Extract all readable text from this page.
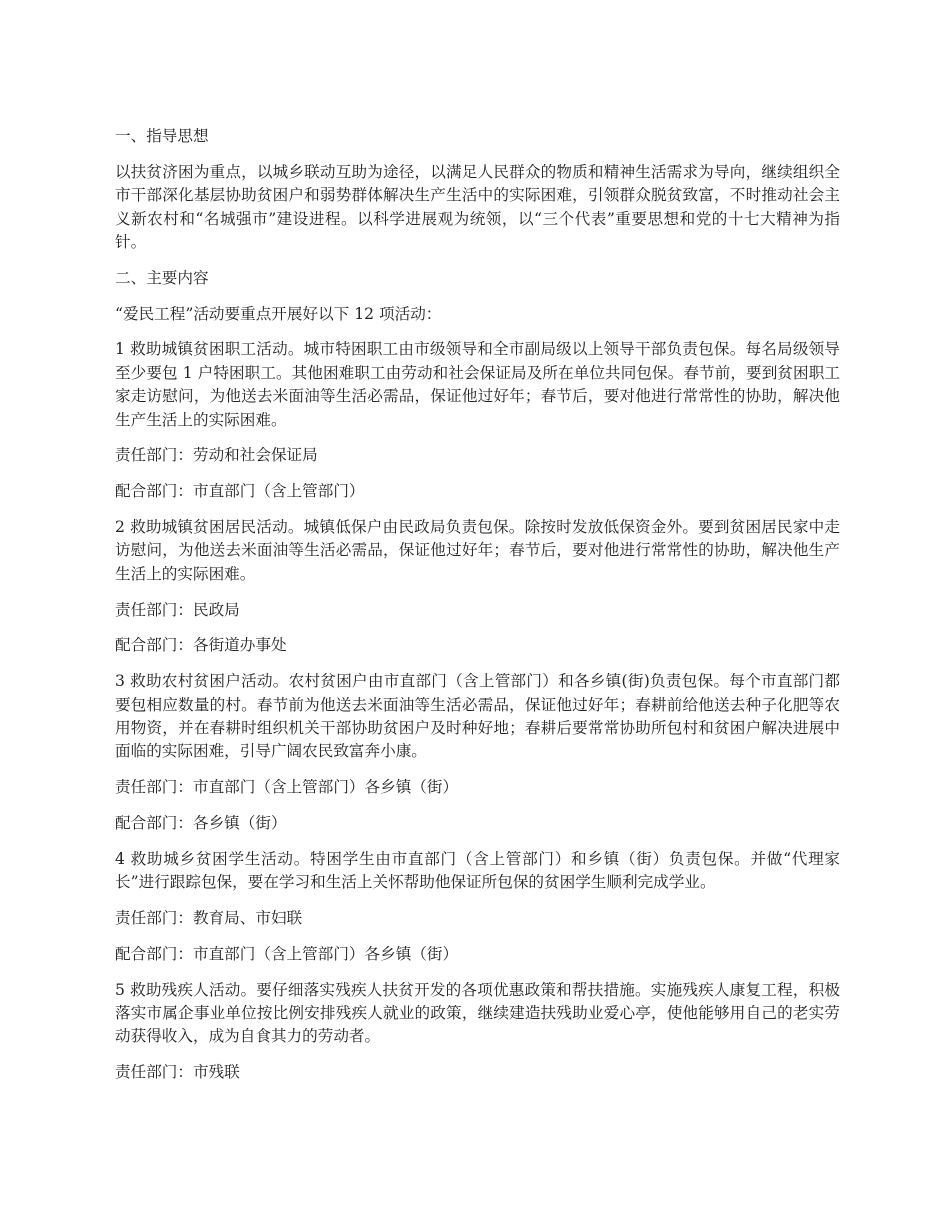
一、指导思想

以扶贫济困为重点，以城乡联动互助为途径，以满足人民群众的物质和精神生活需求为导向，继续组织全市干部深化基层协助贫困户和弱势群体解决生产生活中的实际困难，引领群众脱贫致富，不时推动社会主义新农村和“名城强市”建设进程。以科学进展观为统领，以“三个代表”重要思想和党的十七大精神为指针。

二、主要内容

“爱民工程”活动要重点开展好以下 12 项活动：

1 救助城镇贫困职工活动。城市特困职工由市级领导和全市副局级以上领导干部负责包保。每名局级领导至少要包 1 户特困职工。其他困难职工由劳动和社会保证局及所在单位共同包保。春节前，要到贫困职工家走访慰问，为他送去米面油等生活必需品，保证他过好年；春节后，要对他进行常常性的协助，解决他生产生活上的实际困难。

责任部门：劳动和社会保证局

配合部门：市直部门（含上管部门）

2 救助城镇贫困居民活动。城镇低保户由民政局负责包保。除按时发放低保资金外。要到贫困居民家中走访慰问，为他送去米面油等生活必需品，保证他过好年；春节后，要对他进行常常性的协助，解决他生产生活上的实际困难。

责任部门：民政局

配合部门：各街道办事处

3 救助农村贫困户活动。农村贫困户由市直部门（含上管部门）和各乡镇(街)负责包保。每个市直部门都要包相应数量的村。春节前为他送去米面油等生活必需品，保证他过好年；春耕前给他送去种子化肥等农用物资，并在春耕时组织机关干部协助贫困户及时种好地；春耕后要常常协助所包村和贫困户解决进展中面临的实际困难，引导广阔农民致富奔小康。

责任部门：市直部门（含上管部门）各乡镇（街）

配合部门：各乡镇（街）

4 救助城乡贫困学生活动。特困学生由市直部门（含上管部门）和乡镇（街）负责包保。并做“代理家长”进行跟踪包保，要在学习和生活上关怀帮助他保证所包保的贫困学生顺利完成学业。

责任部门：教育局、市妇联

配合部门：市直部门（含上管部门）各乡镇（街）

5 救助残疾人活动。要仔细落实残疾人扶贫开发的各项优惠政策和帮扶措施。实施残疾人康复工程，积极落实市属企事业单位按比例安排残疾人就业的政策，继续建造扶残助业爱心亭，使他能够用自己的老实劳动获得收入，成为自食其力的劳动者。

责任部门：市残联
